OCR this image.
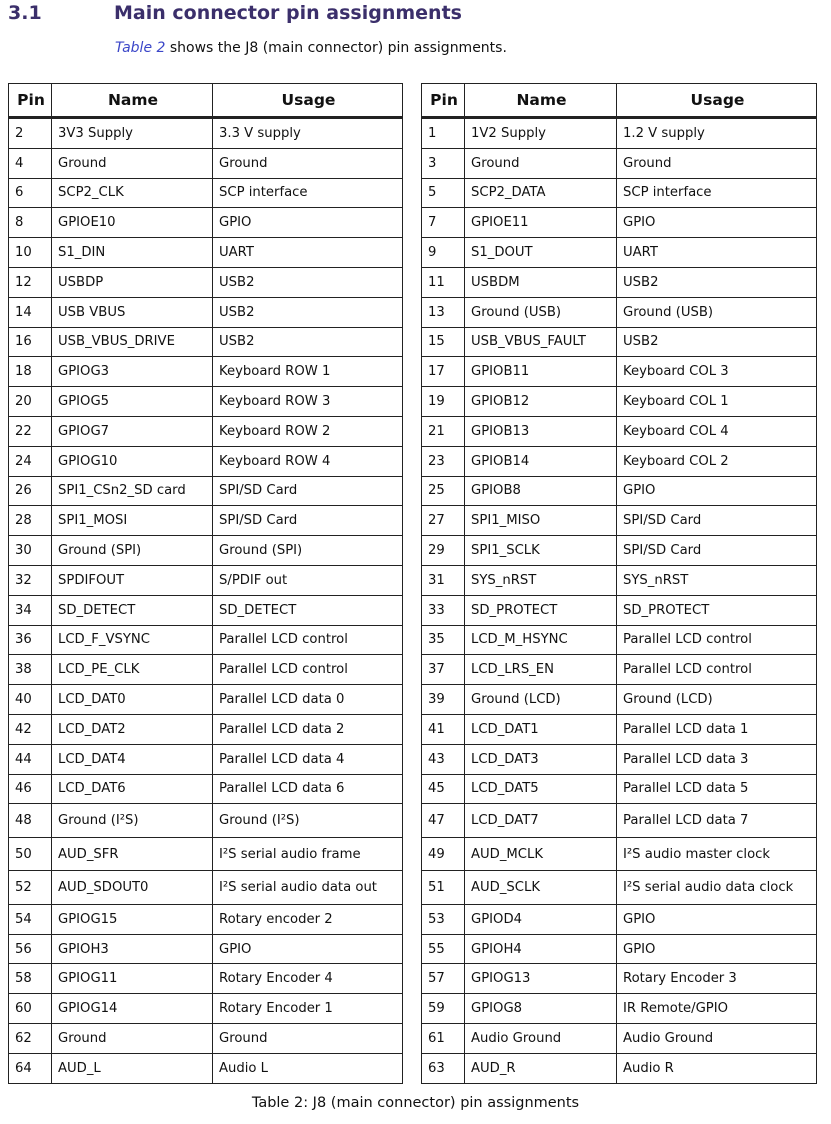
3.1	Main connector pin assignments
Table 2 shows the J8 (main connector) pin assignments.
Pin	Name	Usage
2	3V3 Supply	3.3 V supply
4	Ground	Ground
6	SCP2_CLK	SCP interface
8	GPIOE10	GPIO
10	S1_DIN	UART
12	USBDP	USB2
14	USB VBUS	USB2
16	USB_VBUS_DRIVE	USB2
18	GPIOG3	Keyboard ROW 1
20	GPIOG5	Keyboard ROW 3
22	GPIOG7	Keyboard ROW 2
24	GPIOG10	Keyboard ROW 4
26	SPI1_CSn2_SD card	SPI/SD Card
28	SPI1_MOSI	SPI/SD Card
30	Ground (SPI)	Ground (SPI)
32	SPDIFOUT	S/PDIF out
34	SD_DETECT	SD_DETECT
36	LCD_F_VSYNC	Parallel LCD control
38	LCD_PE_CLK	Parallel LCD control
40	LCD_DAT0	Parallel LCD data 0
42	LCD_DAT2	Parallel LCD data 2
44	LCD_DAT4	Parallel LCD data 4
46	LCD_DAT6	Parallel LCD data 6
48	Ground (I²S)	Ground (I²S)
50	AUD_SFR	I²S serial audio frame
52	AUD_SDOUT0	I²S serial audio data out
54	GPIOG15	Rotary encoder 2
56	GPIOH3	GPIO
58	GPIOG11	Rotary Encoder 4
60	GPIOG14	Rotary Encoder 1
62	Ground	Ground
64	AUD_L	Audio L
Pin	Name	Usage
1	1V2 Supply	1.2 V supply
3	Ground	Ground
5	SCP2_DATA	SCP interface
7	GPIOE11	GPIO
9	S1_DOUT	UART
11	USBDM	USB2
13	Ground (USB)	Ground (USB)
15	USB_VBUS_FAULT	USB2
17	GPIOB11	Keyboard COL 3
19	GPIOB12	Keyboard COL 1
21	GPIOB13	Keyboard COL 4
23	GPIOB14	Keyboard COL 2
25	GPIOB8	GPIO
27	SPI1_MISO	SPI/SD Card
29	SPI1_SCLK	SPI/SD Card
31	SYS_nRST	SYS_nRST
33	SD_PROTECT	SD_PROTECT
35	LCD_M_HSYNC	Parallel LCD control
37	LCD_LRS_EN	Parallel LCD control
39	Ground (LCD)	Ground (LCD)
41	LCD_DAT1	Parallel LCD data 1
43	LCD_DAT3	Parallel LCD data 3
45	LCD_DAT5	Parallel LCD data 5
47	LCD_DAT7	Parallel LCD data 7
49	AUD_MCLK	I²S audio master clock
51	AUD_SCLK	I²S serial audio data clock
53	GPIOD4	GPIO
55	GPIOH4	GPIO
57	GPIOG13	Rotary Encoder 3
59	GPIOG8	IR Remote/GPIO
61	Audio Ground	Audio Ground
63	AUD_R	Audio R
Table 2: J8 (main connector) pin assignments
